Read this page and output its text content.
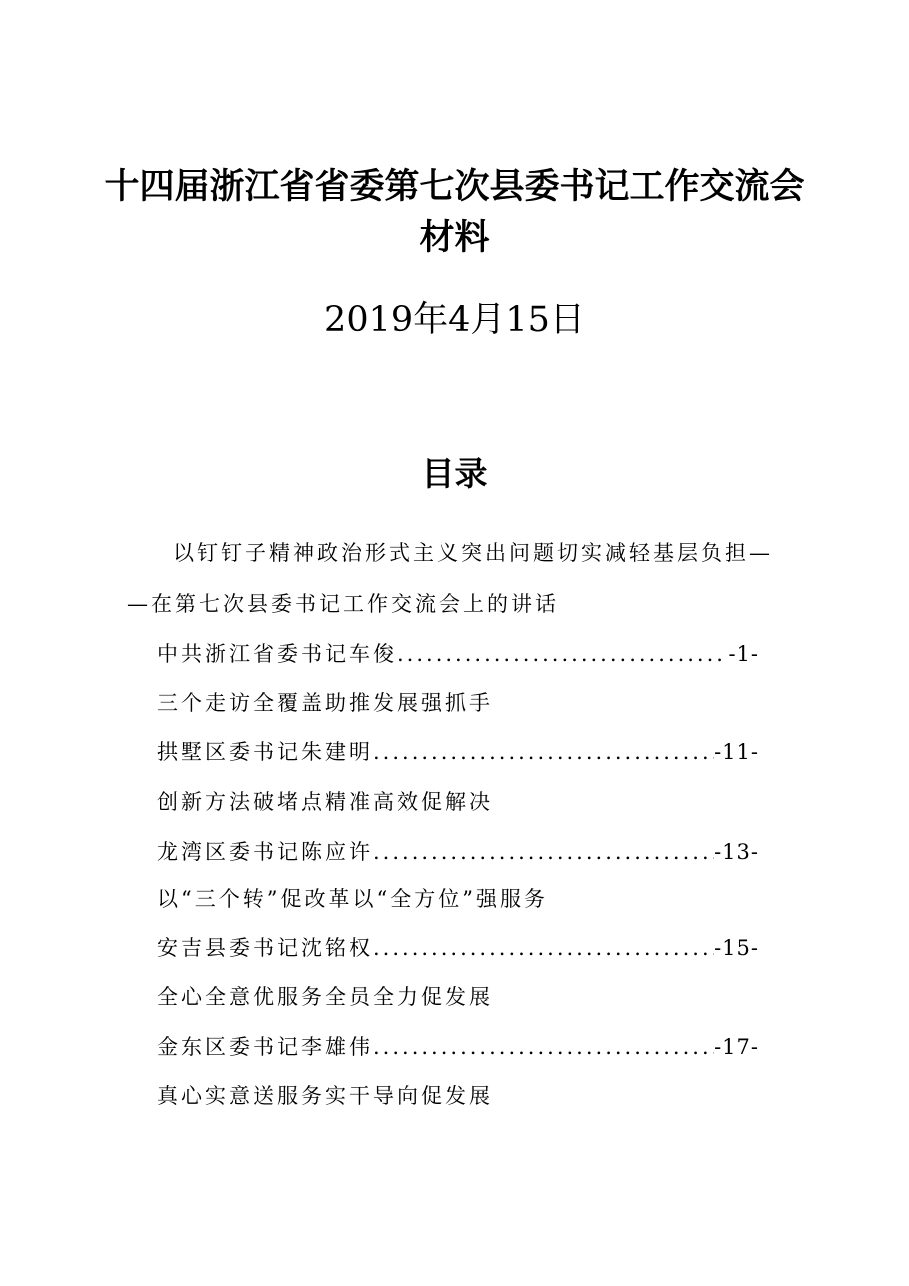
十四届浙江省省委第七次县委书记工作交流会
材料
2019年4月15日
目录
以钉钉子精神政治形式主义突出问题切实减轻基层负担—
—在第七次县委书记工作交流会上的讲话
中共浙江省委书记车俊 .....	-1-
三个走访全覆盖助推发展强抓手
拱墅区委书记朱建明 .....	-11-
创新方法破堵点精准高效促解决
龙湾区委书记陈应许 .....	-13-
以“三个转”促改革以“全方位”强服务
安吉县委书记沈铭权 .....	-15-
全心全意优服务全员全力促发展
金东区委书记李雄伟 .....	-17-
真心实意送服务实干导向促发展
